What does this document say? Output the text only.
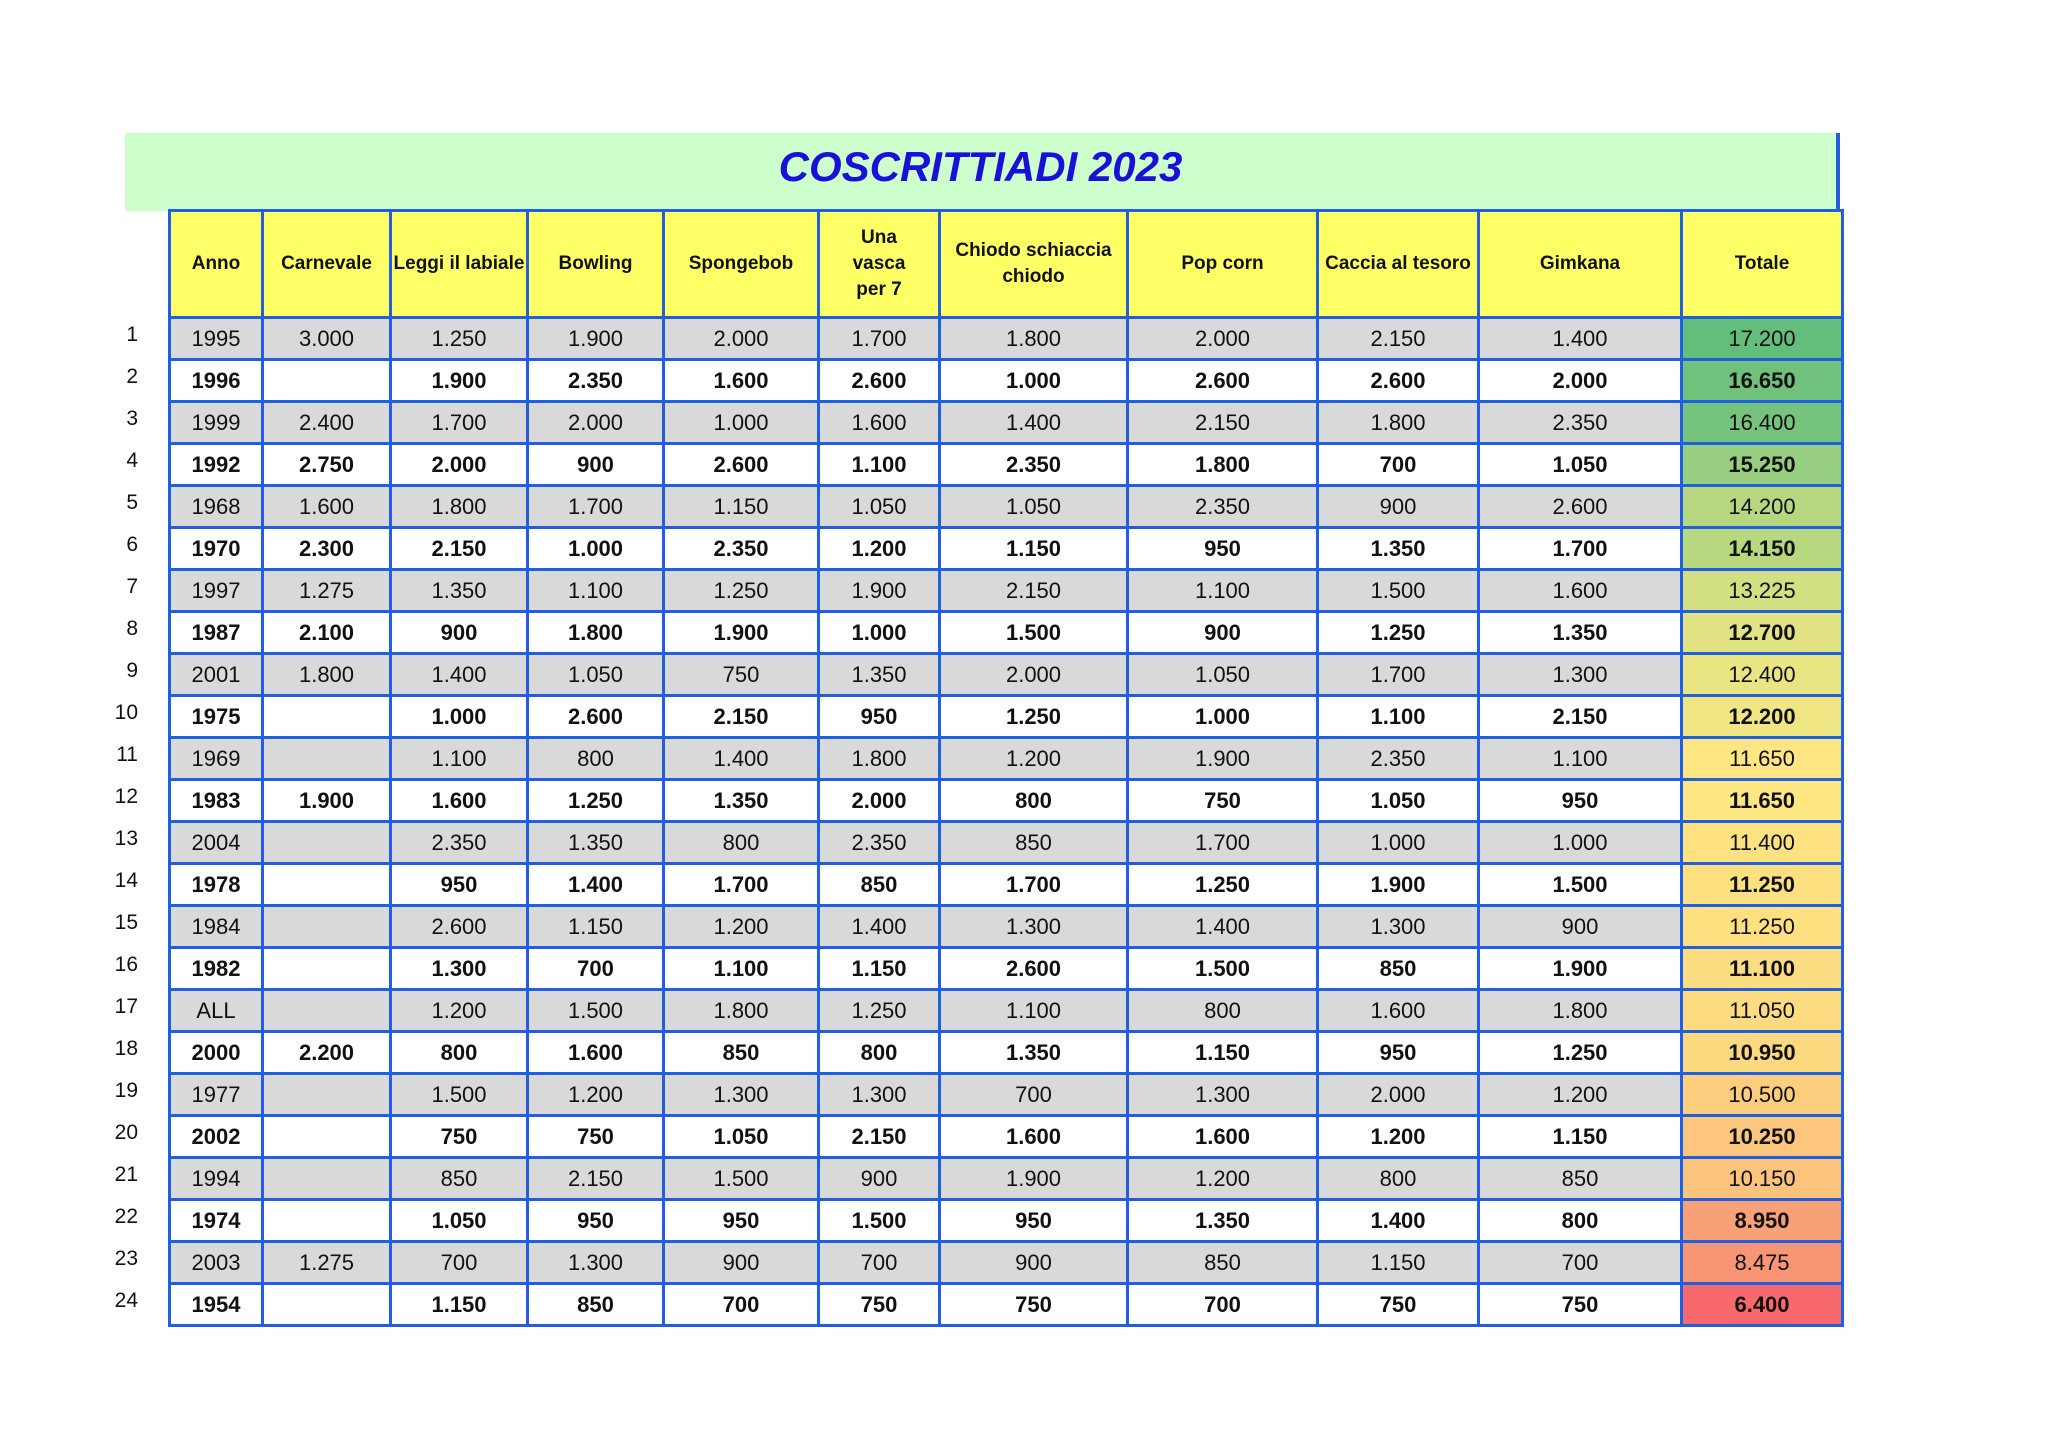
COSCRITTIADI 2023
1
2
3
4
5
6
7
8
9
10
11
12
13
14
15
16
17
18
19
20
21
22
23
24
Anno	Carnevale	Leggi il labiale	Bowling	Spongebob	Una vasca per 7	Chiodo schiaccia chiodo	Pop corn	Caccia al tesoro	Gimkana	Totale
1995	3.000	1.250	1.900	2.000	1.700	1.800	2.000	2.150	1.400	17.200
1996		1.900	2.350	1.600	2.600	1.000	2.600	2.600	2.000	16.650
1999	2.400	1.700	2.000	1.000	1.600	1.400	2.150	1.800	2.350	16.400
1992	2.750	2.000	900	2.600	1.100	2.350	1.800	700	1.050	15.250
1968	1.600	1.800	1.700	1.150	1.050	1.050	2.350	900	2.600	14.200
1970	2.300	2.150	1.000	2.350	1.200	1.150	950	1.350	1.700	14.150
1997	1.275	1.350	1.100	1.250	1.900	2.150	1.100	1.500	1.600	13.225
1987	2.100	900	1.800	1.900	1.000	1.500	900	1.250	1.350	12.700
2001	1.800	1.400	1.050	750	1.350	2.000	1.050	1.700	1.300	12.400
1975		1.000	2.600	2.150	950	1.250	1.000	1.100	2.150	12.200
1969		1.100	800	1.400	1.800	1.200	1.900	2.350	1.100	11.650
1983	1.900	1.600	1.250	1.350	2.000	800	750	1.050	950	11.650
2004		2.350	1.350	800	2.350	850	1.700	1.000	1.000	11.400
1978		950	1.400	1.700	850	1.700	1.250	1.900	1.500	11.250
1984		2.600	1.150	1.200	1.400	1.300	1.400	1.300	900	11.250
1982		1.300	700	1.100	1.150	2.600	1.500	850	1.900	11.100
ALL		1.200	1.500	1.800	1.250	1.100	800	1.600	1.800	11.050
2000	2.200	800	1.600	850	800	1.350	1.150	950	1.250	10.950
1977		1.500	1.200	1.300	1.300	700	1.300	2.000	1.200	10.500
2002		750	750	1.050	2.150	1.600	1.600	1.200	1.150	10.250
1994		850	2.150	1.500	900	1.900	1.200	800	850	10.150
1974		1.050	950	950	1.500	950	1.350	1.400	800	8.950
2003	1.275	700	1.300	900	700	900	850	1.150	700	8.475
1954		1.150	850	700	750	750	700	750	750	6.400
